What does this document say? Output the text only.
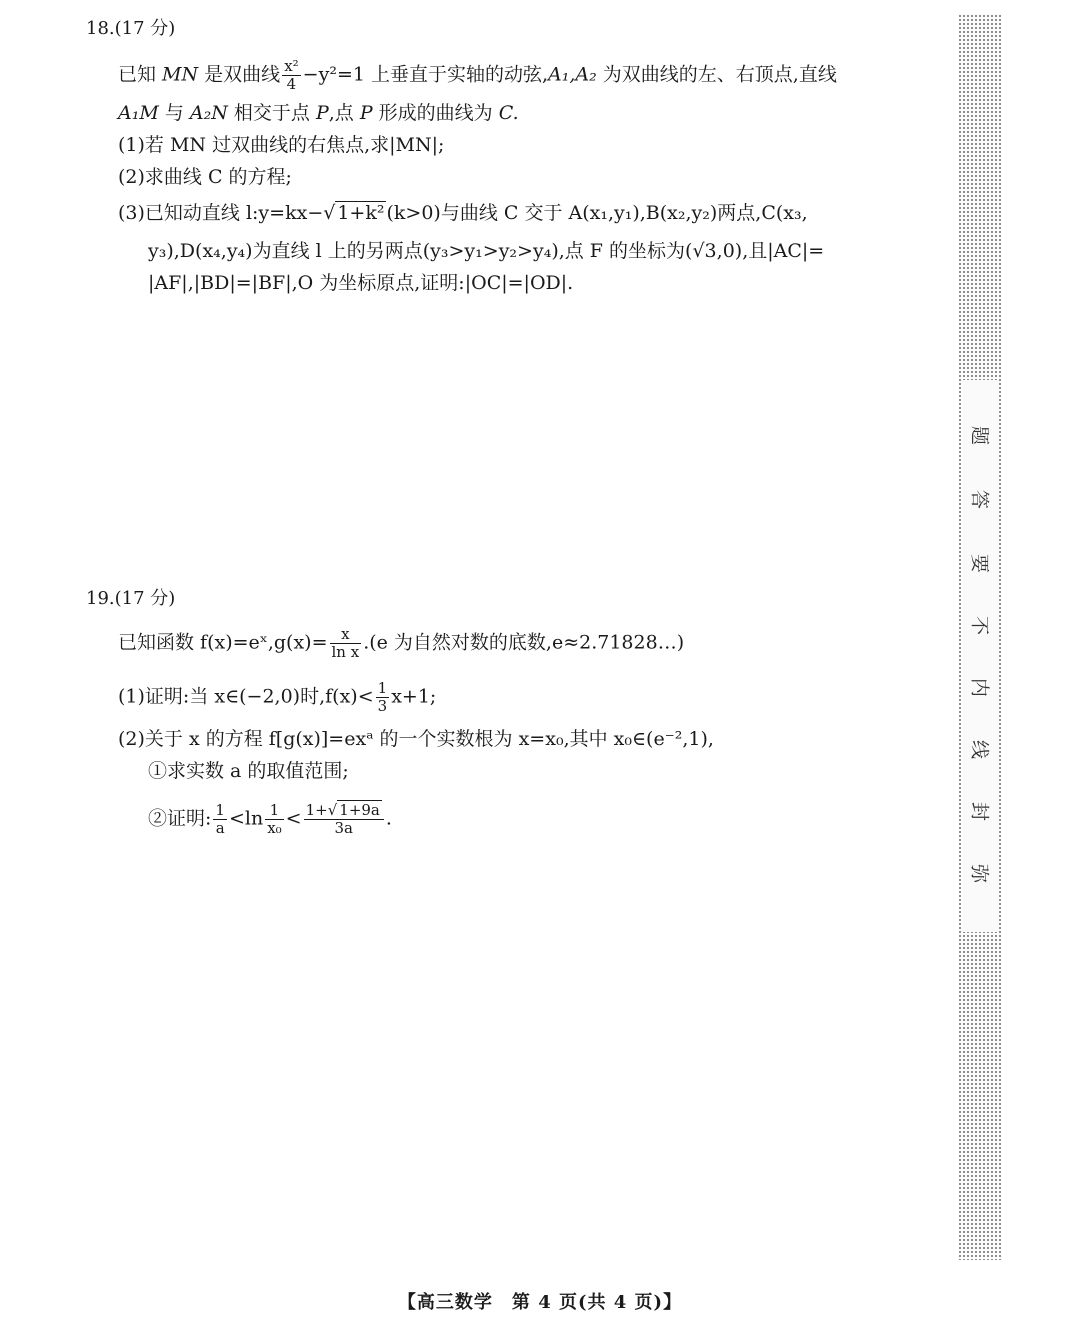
18.(17 分)
已知 MN 是双曲线 $\frac{\text{x²}}{4} -y^2=1$ 上垂直于实轴的动弦,A₁,A₂ 为双曲线的左、右顶点,直线
A₁M 与 A₂N 相交于点 P,点 P 形成的曲线为 C.
(1)若 MN 过双曲线的右焦点,求|MN|;
(2)求曲线 C 的方程;
(3)已知动直线 l:y=kx−√ 1+k² (k>0)与曲线 C 交于 A(x₁,y₁),B(x₂,y₂)两点,C(x₃,
y₃),D(x₄,y₄)为直线 l 上的另两点(y₃>y₁>y₂>y₄),点 F 的坐标为(√3,0),且|AC|=
|AF|,|BD|=|BF|,O 为坐标原点,证明:|OC|=|OD|.
19.(17 分)
已知函数 f(x)=eˣ,g(x)= $\frac{x}{\text{ln x}} .(e$ 为自然对数的底数,e≈2.71828…)
(1)证明:当 x∈(−2,0)时$,f(x)< \frac{1}{3} x+1$;
(2)关于 x 的方程 f[g(x)]=exᵃ 的一个实数根为 x=x₀,其中 x₀∈(e⁻²,1),
①求实数 a 的取值范围;
②证明: $\frac{1}{a} <\ln \frac{1}{\text{x₀}} < \frac{1+√ 1+9a}{3a}$ .
弥
封
线
内
不
要
答
题
【高三数学　第 4 页(共 4 页)】
